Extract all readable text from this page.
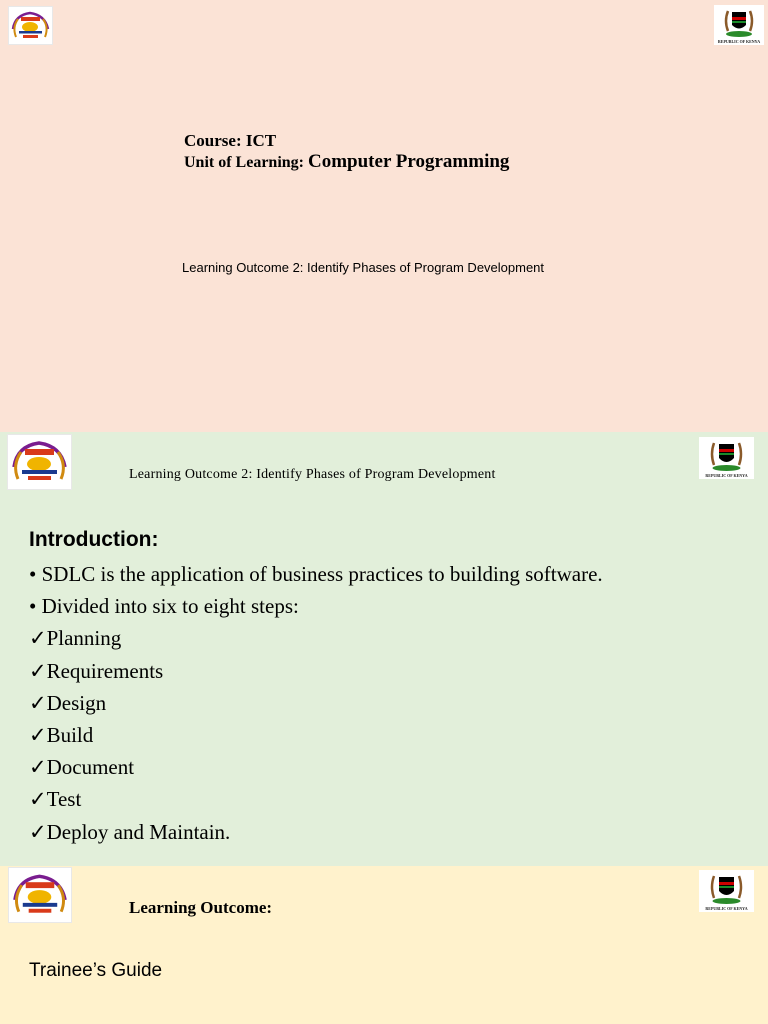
REPUBLIC OF KENYA
Course: ICT
Unit of Learning: Computer Programming
Learning Outcome 2: Identify Phases of Program Development
REPUBLIC OF KENYA
Learning Outcome 2: Identify Phases of Program Development
Introduction:
• SDLC is the application of business practices to building software.
• Divided into six to eight steps:
✓Planning
✓Requirements
✓Design
✓Build
✓Document
✓Test
✓Deploy and Maintain.
REPUBLIC OF KENYA
Learning Outcome:
Trainee’s Guide
